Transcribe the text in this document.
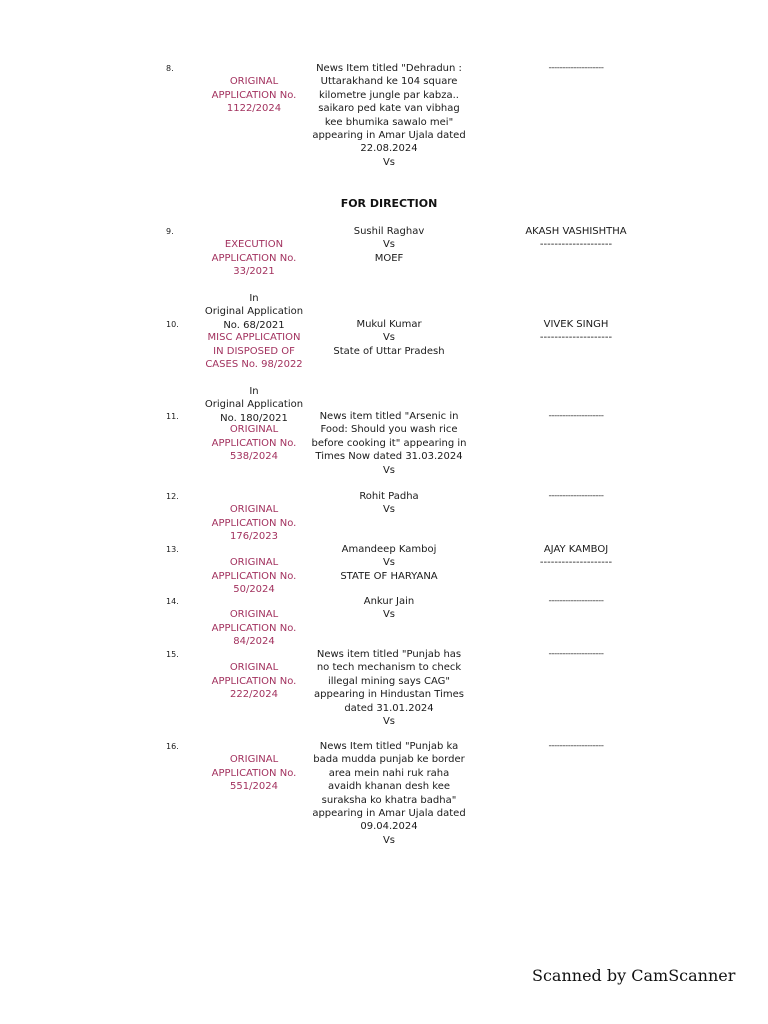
8.

ORIGINAL
APPLICATION No.
1122/2024

News Item titled "Dehradun :
Uttarakhand ke 104 square
kilometre jungle par kabza..
saikaro ped kate van vibhag
kee bhumika sawalo mei"
appearing in Amar Ujala dated
22.08.2024
Vs
--------------------
FOR DIRECTION
9.

EXECUTION
APPLICATION No.
33/2021

In
Original Application
No. 68/2021

Sushil Raghav
Vs
MOEF
AKASH VASHISHTHA
--------------------
10.

MISC APPLICATION
IN DISPOSED OF
CASES No. 98/2022

In
Original Application
No. 180/2021

Mukul Kumar
Vs
State of Uttar Pradesh
VIVEK SINGH
--------------------
11.

ORIGINAL
APPLICATION No.
538/2024

News item titled "Arsenic in
Food: Should you wash rice
before cooking it" appearing in
Times Now dated 31.03.2024
Vs
--------------------
12.

ORIGINAL
APPLICATION No.
176/2023

Rohit Padha
Vs
--------------------
13.

ORIGINAL
APPLICATION No.
50/2024

Amandeep Kamboj
Vs
STATE OF HARYANA
AJAY KAMBOJ
--------------------
14.

ORIGINAL
APPLICATION No.
84/2024

Ankur Jain
Vs
--------------------
15.

ORIGINAL
APPLICATION No.
222/2024

News item titled "Punjab has
no tech mechanism to check
illegal mining says CAG"
appearing in Hindustan Times
dated 31.01.2024
Vs
--------------------
16.

ORIGINAL
APPLICATION No.
551/2024

News Item titled "Punjab ka
bada mudda punjab ke border
area mein nahi ruk raha
avaidh khanan desh kee
suraksha ko khatra badha"
appearing in Amar Ujala dated
09.04.2024
Vs
--------------------
Scanned by CamScanner
